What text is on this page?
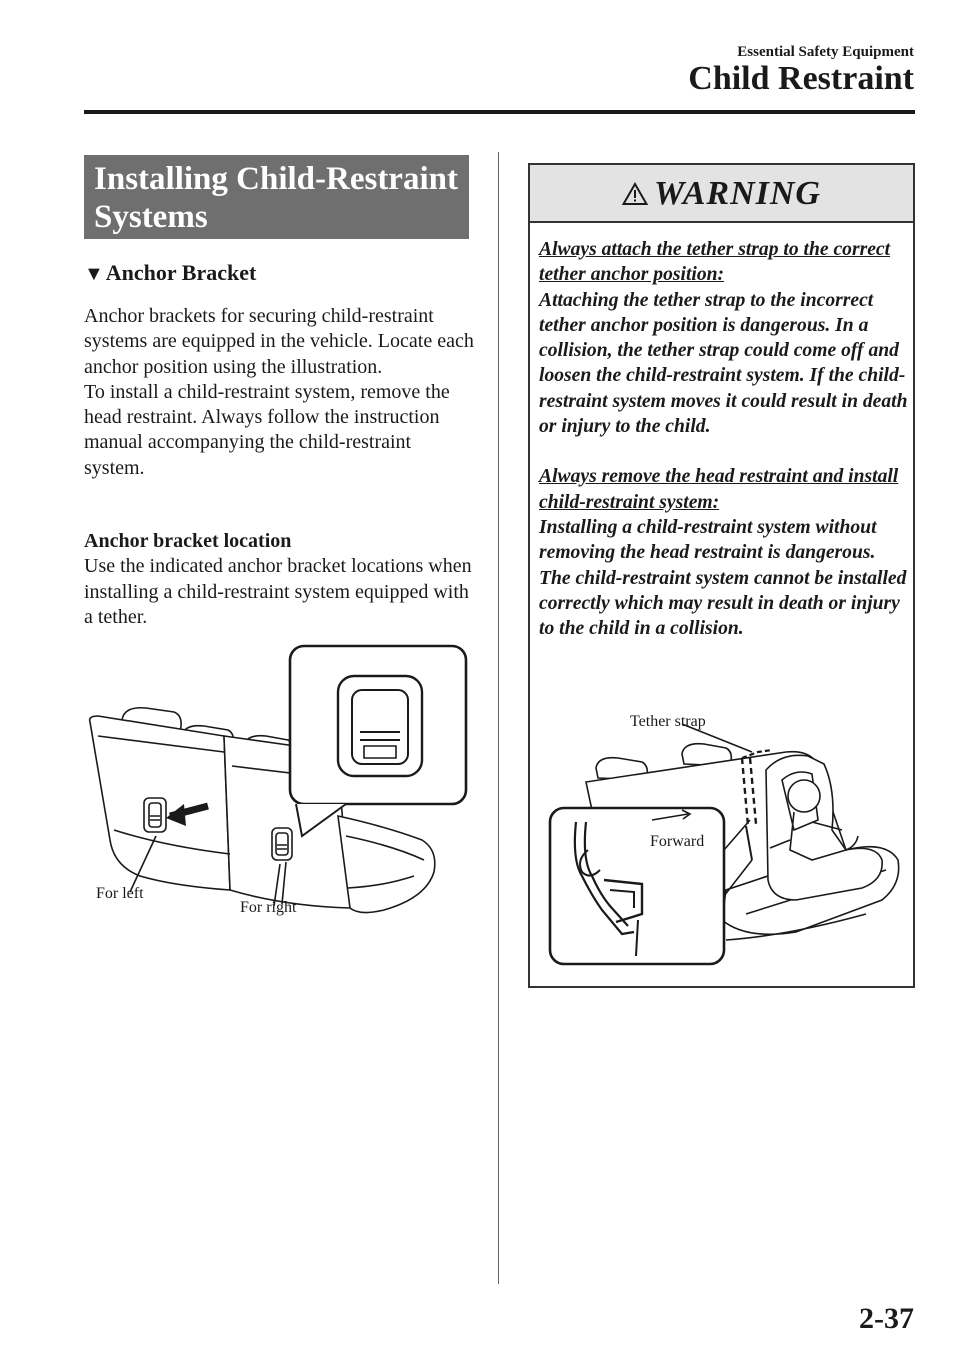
Essential Safety Equipment
Child Restraint
Installing Child-Restraint Systems
▼Anchor Bracket

Anchor brackets for securing child-restraint systems are equipped in the vehicle. Locate each anchor position using the illustration.

To install a child-restraint system, remove the head restraint. Always follow the instruction manual accompanying the child-restraint system.

Anchor bracket location

Use the indicated anchor bracket locations when installing a child-restraint system equipped with a tether.

For left
For right
WARNING

Always attach the tether strap to the correct tether anchor position:

Attaching the tether strap to the incorrect tether anchor position is dangerous. In a collision, the tether strap could come off and loosen the child-restraint system. If the child-restraint system moves it could result in death or injury to the child.

Always remove the head restraint and install child-restraint system:

Installing a child-restraint system without removing the head restraint is dangerous. The child-restraint system cannot be installed correctly which may result in death or injury to the child in a collision.

Tether strap
Forward
2-37
